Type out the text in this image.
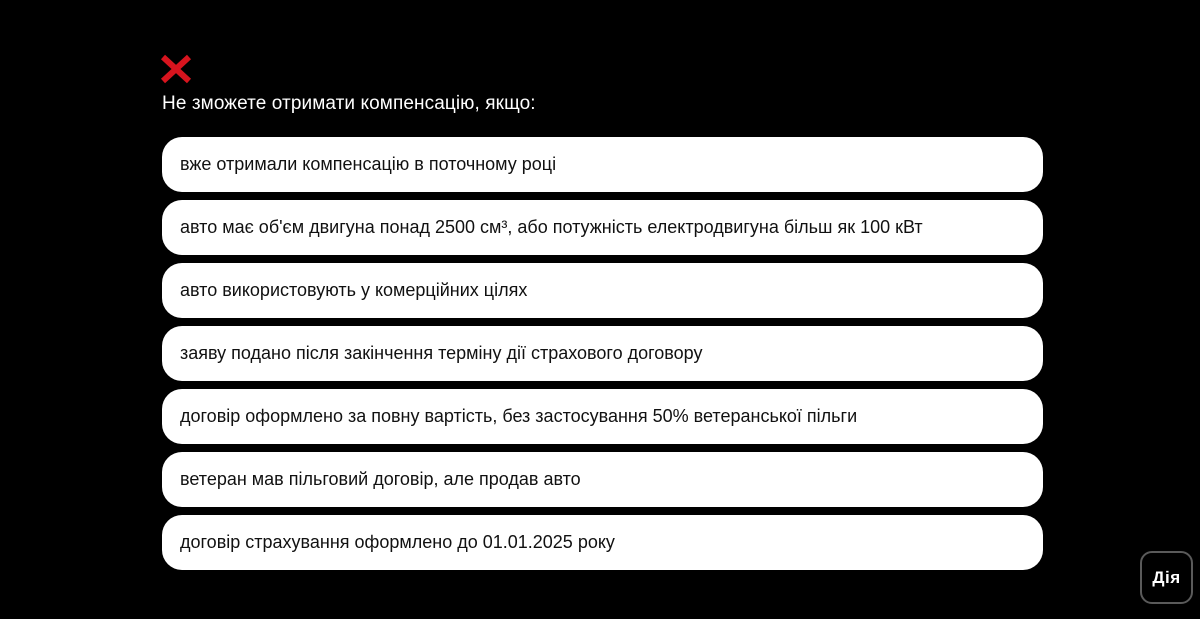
Не зможете отримати компенсацію, якщо:
вже отримали компенсацію в поточному році
авто має об'єм двигуна понад 2500 см³, або потужність електродвигуна більш як 100 кВт
авто використовують у комерційних цілях
заяву подано після закінчення терміну дії страхового договору
договір оформлено за повну вартість, без застосування 50% ветеранської пільги
ветеран мав пільговий договір, але продав авто
договір страхування оформлено до 01.01.2025 року
Дія
